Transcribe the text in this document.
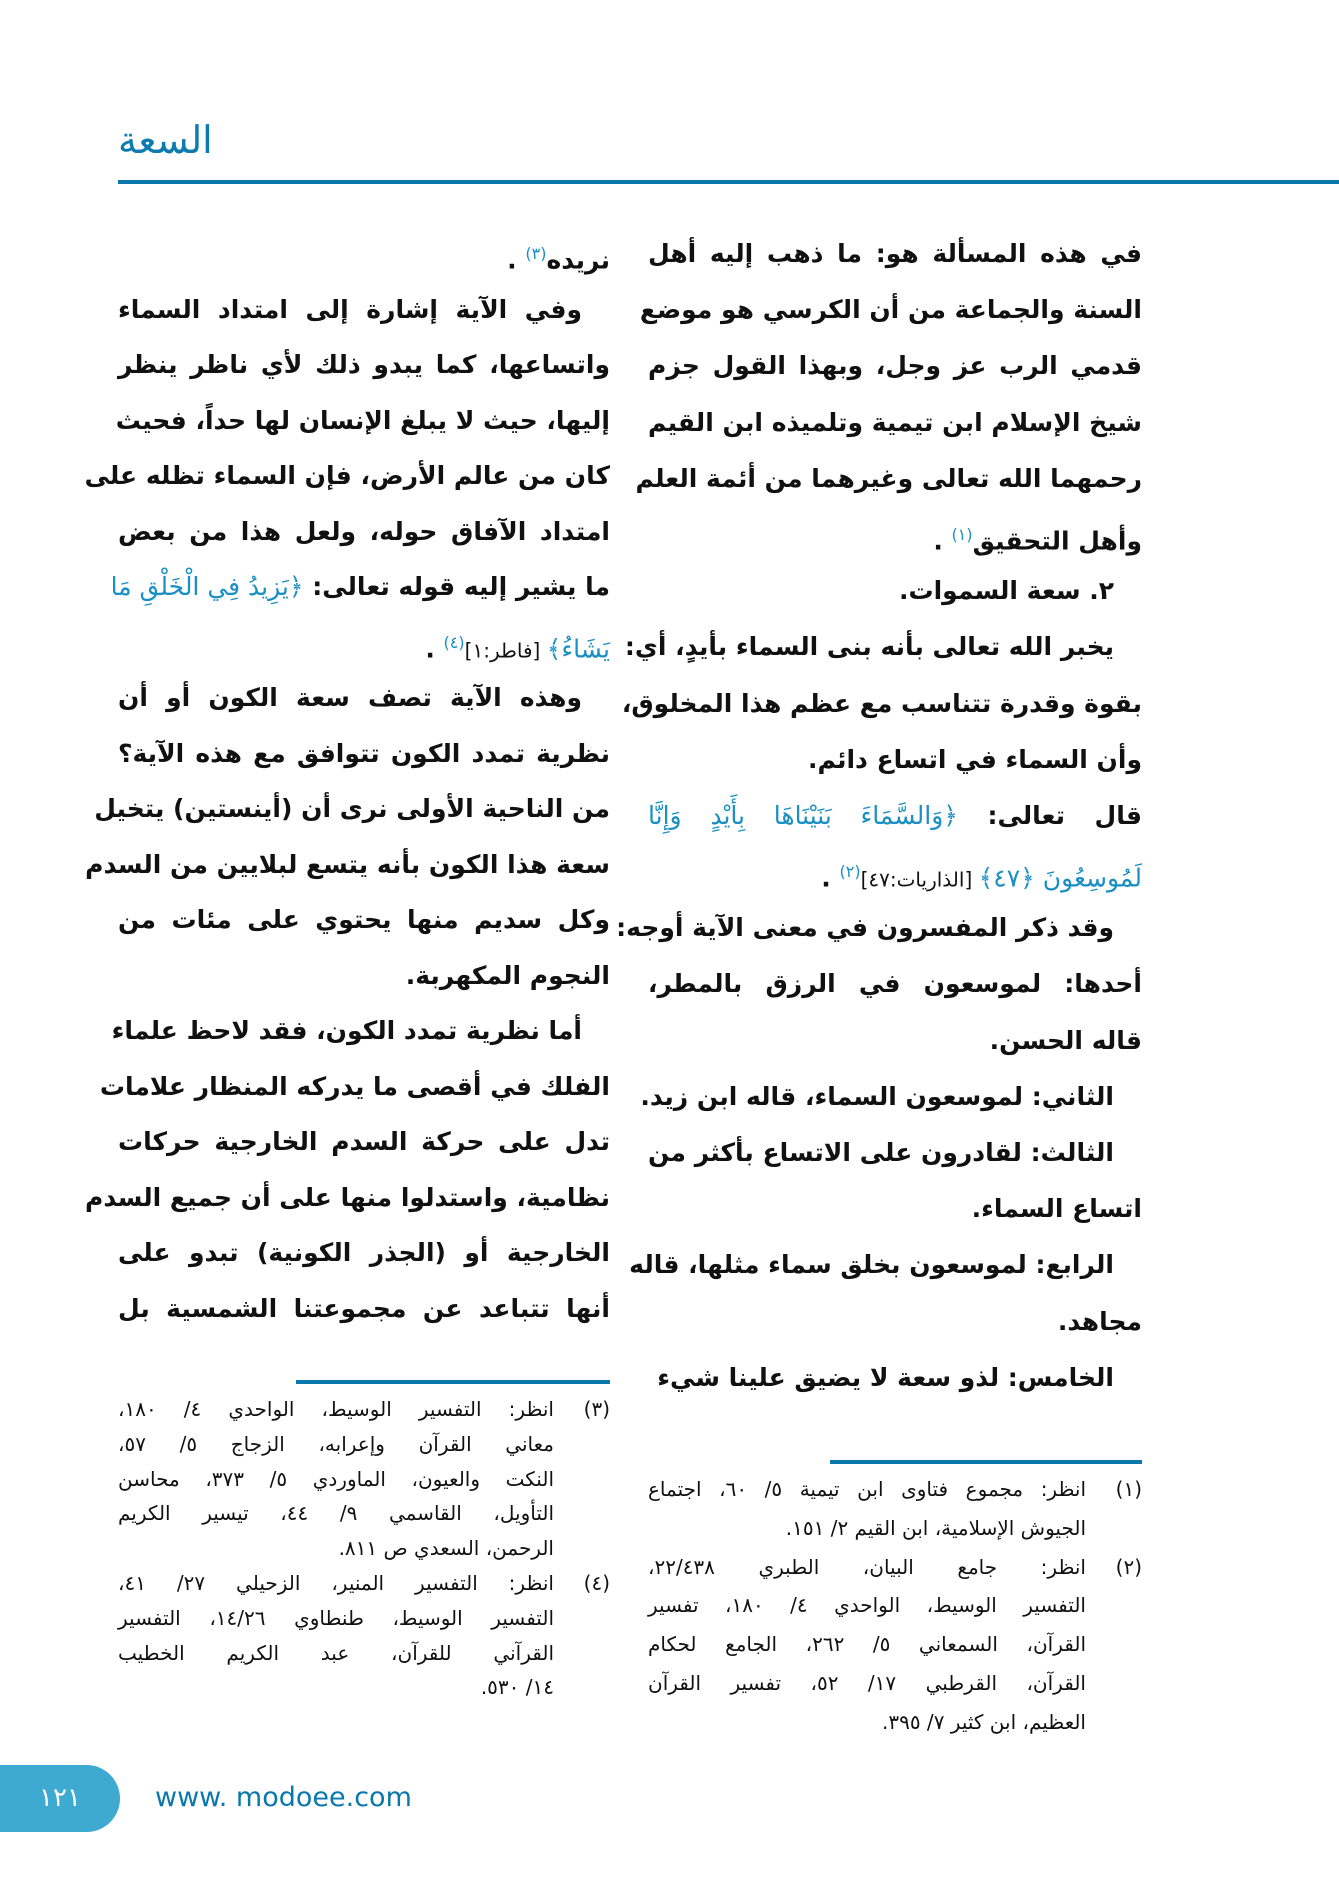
السعة
في هذه المسألة هو: ما ذهب إليه أهل
السنة والجماعة من أن الكرسي هو موضع
قدمي الرب عز وجل، وبهذا القول جزم
شيخ الإسلام ابن تيمية وتلميذه ابن القيم
رحمهما الله تعالى وغيرهما من أئمة العلم
وأهل التحقيق$^{(١)}$ .
٢. سعة السموات.
يخبر الله تعالى بأنه بنى السماء بأيدٍ، أي:
بقوة وقدرة تتناسب مع عظم هذا المخلوق،
وأن السماء في اتساع دائم.
قال تعالى: ﴿وَالسَّمَاءَ بَنَيْنَاهَا بِأَيْدٍ وَإِنَّا
لَمُوسِعُونَ ﴿٤٧﴾ [الذاريات:٤٧]$^{(٢)}$ .
وقد ذكر المفسرون في معنى الآية أوجه:
أحدها: لموسعون في الرزق بالمطر،
قاله الحسن.
الثاني: لموسعون السماء، قاله ابن زيد.
الثالث: لقادرون على الاتساع بأكثر من
اتساع السماء.
الرابع: لموسعون بخلق سماء مثلها، قاله
مجاهد.
الخامس: لذو سعة لا يضيق علينا شيء
نريده$^{(٣)}$ .
وفي الآية إشارة إلى امتداد السماء
واتساعها، كما يبدو ذلك لأي ناظر ينظر
إليها، حيث لا يبلغ الإنسان لها حداً، فحيث
كان من عالم الأرض، فإن السماء تظله على
امتداد الآفاق حوله، ولعل هذا من بعض
ما يشير إليه قوله تعالى: ﴿يَزِيدُ فِي الْخَلْقِ مَا
يَشَاءُ﴾ [فاطر:١]$^{(٤)}$ .
وهذه الآية تصف سعة الكون أو أن
نظرية تمدد الكون تتوافق مع هذه الآية؟
من الناحية الأولى نرى أن (أينستين) يتخيل
سعة هذا الكون بأنه يتسع لبلايين من السدم
وكل سديم منها يحتوي على مئات من
النجوم المكهربة.
أما نظرية تمدد الكون، فقد لاحظ علماء
الفلك في أقصى ما يدركه المنظار علامات
تدل على حركة السدم الخارجية حركات
نظامية، واستدلوا منها على أن جميع السدم
الخارجية أو (الجذر الكونية) تبدو على
أنها تتباعد عن مجموعتنا الشمسية بل
(١)
انظر: مجموع فتاوى ابن تيمية ٥/ ٦٠، اجتماع
الجيوش الإسلامية، ابن القيم ٢/ ١٥١.
(٢)
انظر: جامع البيان، الطبري ٢٢/٤٣٨،
التفسير الوسيط، الواحدي ٤/ ١٨٠، تفسير
القرآن، السمعاني ٥/ ٢٦٢، الجامع لحكام
القرآن، القرطبي ١٧/ ٥٢، تفسير القرآن
العظيم، ابن كثير ٧/ ٣٩٥.
(٣)
انظر: التفسير الوسيط، الواحدي ٤/ ١٨٠،
معاني القرآن وإعرابه، الزجاج ٥/ ٥٧،
النكت والعيون، الماوردي ٥/ ٣٧٣، محاسن
التأويل، القاسمي ٩/ ٤٤، تيسير الكريم
الرحمن، السعدي ص ٨١١.
(٤)
انظر: التفسير المنير، الزحيلي ٢٧/ ٤١،
التفسير الوسيط، طنطاوي ١٤/٢٦، التفسير
القرآني للقرآن، عبد الكريم الخطيب
١٤/ ٥٣٠.
١٢١	www. modoee.com
